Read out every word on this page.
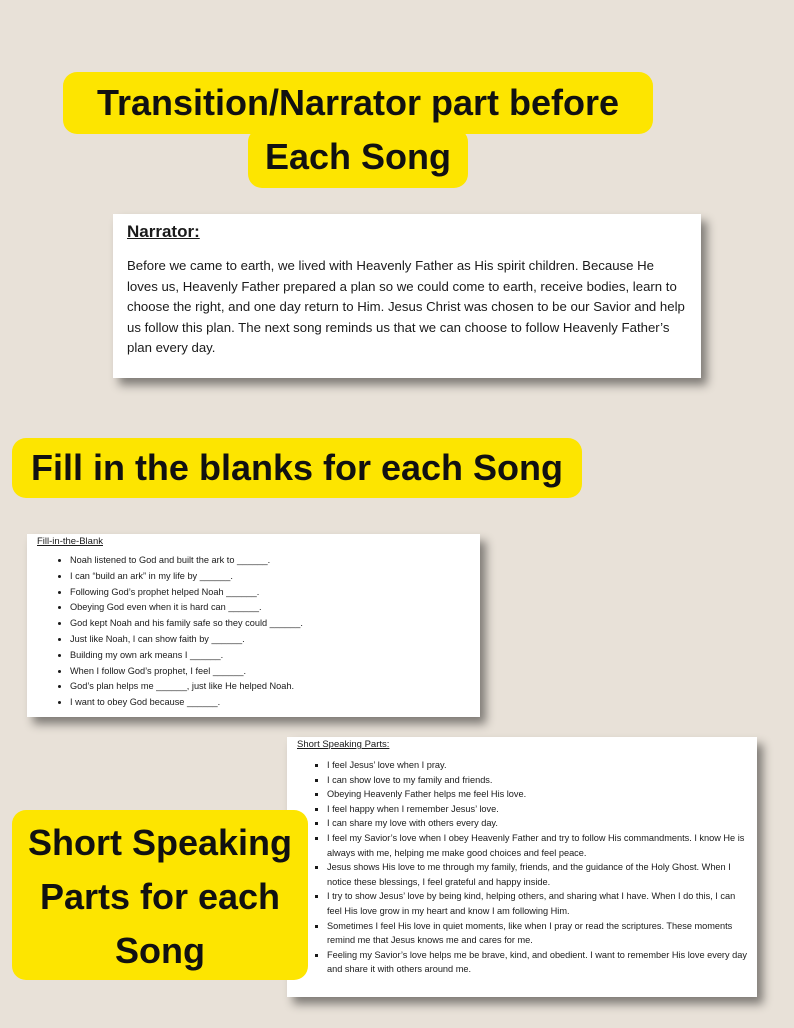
Transition/Narrator part before
Each Song

Narrator:

Before we came to earth, we lived with Heavenly Father as His spirit children. Because He loves us, Heavenly Father prepared a plan so we could come to earth, receive bodies, learn to choose the right, and one day return to Him. Jesus Christ was chosen to be our Savior and help us follow this plan. The next song reminds us that we can choose to follow Heavenly Father’s plan every day.

Fill in the blanks for each Song

Fill-in-the-Blank

• Noah listened to God and built the ark to ______.
• I can “build an ark” in my life by ______.
• Following God’s prophet helped Noah ______.
• Obeying God even when it is hard can ______.
• God kept Noah and his family safe so they could ______.
• Just like Noah, I can show faith by ______.
• Building my own ark means I ______.
• When I follow God’s prophet, I feel ______.
• God’s plan helps me ______, just like He helped Noah.
• I want to obey God because ______.

Short Speaking Parts:

▪ I feel Jesus’ love when I pray.
▪ I can show love to my family and friends.
▪ Obeying Heavenly Father helps me feel His love.
▪ I feel happy when I remember Jesus’ love.
▪ I can share my love with others every day.
▪ I feel my Savior’s love when I obey Heavenly Father and try to follow His commandments. I know He is always with me, helping me make good choices and feel peace.
▪ Jesus shows His love to me through my family, friends, and the guidance of the Holy Ghost. When I notice these blessings, I feel grateful and happy inside.
▪ I try to show Jesus’ love by being kind, helping others, and sharing what I have. When I do this, I can feel His love grow in my heart and know I am following Him.
▪ Sometimes I feel His love in quiet moments, like when I pray or read the scriptures. These moments remind me that Jesus knows me and cares for me.
▪ Feeling my Savior’s love helps me be brave, kind, and obedient. I want to remember His love every day and share it with others around me.
Short Speaking
Parts for each
Song
